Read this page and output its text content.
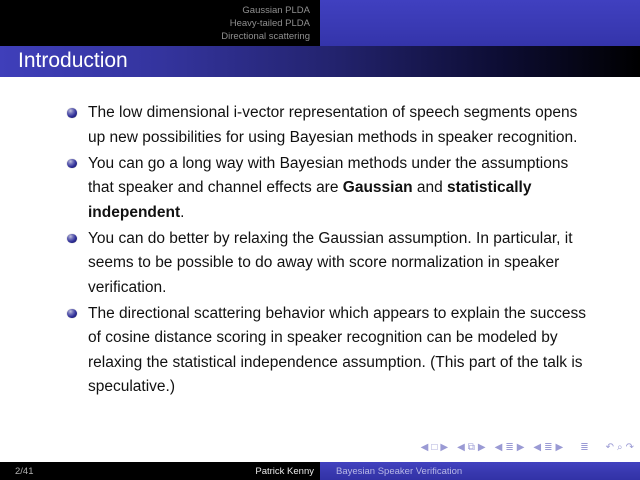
Gaussian PLDA
Heavy-tailed PLDA
Directional scattering
Introduction
The low dimensional i-vector representation of speech segments opens up new possibilities for using Bayesian methods in speaker recognition.
You can go a long way with Bayesian methods under the assumptions that speaker and channel effects are Gaussian and statistically independent.
You can do better by relaxing the Gaussian assumption. In particular, it seems to be possible to do away with score normalization in speaker verification.
The directional scattering behavior which appears to explain the success of cosine distance scoring in speaker recognition can be modeled by relaxing the statistical independence assumption. (This part of the talk is speculative.)
◀ □ ▶ ◀ ⧉ ▶ ◀ ≣ ▶ ◀ ≣ ▶ ≣ ↶ ⌕ ↷
2/41	Patrick Kenny Bayesian Speaker Verification
